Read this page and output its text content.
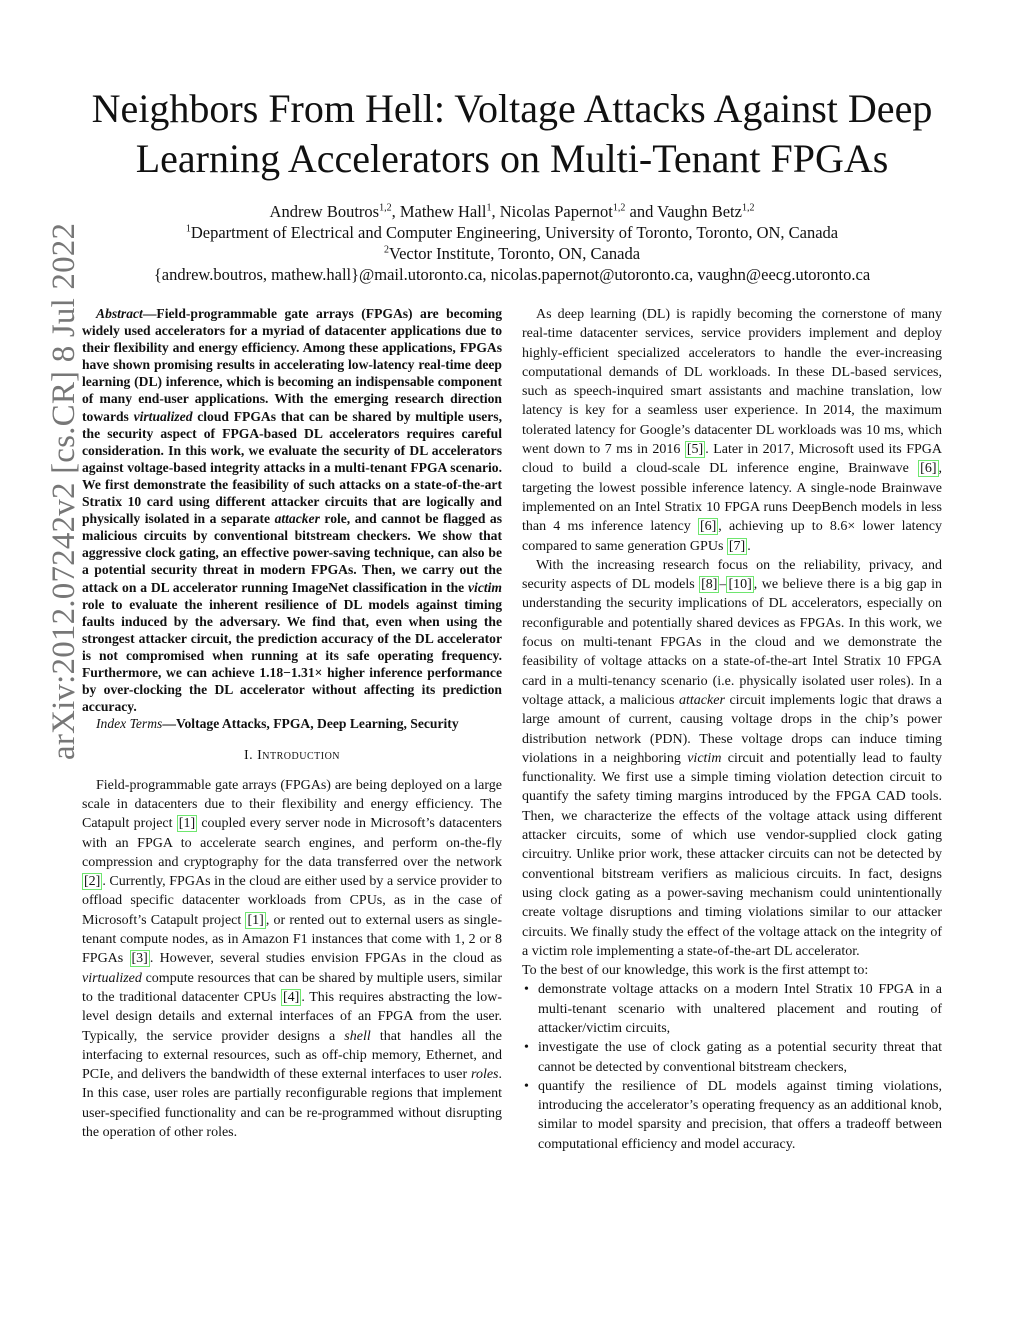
arXiv:2012.07242v2 [cs.CR] 8 Jul 2022
Neighbors From Hell: Voltage Attacks Against Deep
Learning Accelerators on Multi-Tenant FPGAs
Andrew Boutros$^{1,2}$, Mathew Hall$^1$, Nicolas Papernot$^{1,2}$ and Vaughn Betz$^{1,2}$
$^1$Department of Electrical and Computer Engineering, University of Toronto, Toronto, ON, Canada
$^2$Vector Institute, Toronto, ON, Canada
{andrew.boutros, mathew.hall}@mail.utoronto.ca, nicolas.papernot@utoronto.ca, vaughn@eecg.utoronto.ca

Abstract—Field-programmable gate arrays (FPGAs) are becoming widely used accelerators for a myriad of datacenter applications due to their flexibility and energy efficiency. Among these applications, FPGAs have shown promising results in accelerating low-latency real-time deep learning (DL) inference, which is becoming an indispensable component of many end-user applications. With the emerging research direction towards virtualized cloud FPGAs that can be shared by multiple users, the security aspect of FPGA-based DL accelerators requires careful consideration. In this work, we evaluate the security of DL accelerators against voltage-based integrity attacks in a multi-tenant FPGA scenario. We first demonstrate the feasibility of such attacks on a state-of-the-art Stratix 10 card using different attacker circuits that are logically and physically isolated in a separate attacker role, and cannot be flagged as malicious circuits by conventional bitstream checkers. We show that aggressive clock gating, an effective power-saving technique, can also be a potential security threat in modern FPGAs. Then, we carry out the attack on a DL accelerator running ImageNet classification in the victim role to evaluate the inherent resilience of DL models against timing faults induced by the adversary. We find that, even when using the strongest attacker circuit, the prediction accuracy of the DL accelerator is not compromised when running at its safe operating frequency. Furthermore, we can achieve 1.18−1.31× higher inference performance by over-clocking the DL accelerator without affecting its prediction accuracy.

Index Terms—Voltage Attacks, FPGA, Deep Learning, Security

I. Introduction

Field-programmable gate arrays (FPGAs) are being deployed on a large scale in datacenters due to their flexibility and energy efficiency. The Catapult project [1] coupled every server node in Microsoft’s datacenters with an FPGA to accelerate search engines, and perform on-the-fly compression and cryptography for the data transferred over the network [2] . Currently, FPGAs in the cloud are either used by a service provider to offload specific datacenter workloads from CPUs, as in the case of Microsoft’s Catapult project [1] , or rented out to external users as single-tenant compute nodes, as in Amazon F1 instances that come with 1, 2 or 8 FPGAs [3] . However, several studies envision FPGAs in the cloud as virtualized compute resources that can be shared by multiple users, similar to the traditional datacenter CPUs [4] . This requires abstracting the low-level design details and external interfaces of an FPGA from the user. Typically, the service provider designs a shell that handles all the interfacing to external resources, such as off-chip memory, Ethernet, and PCIe, and delivers the bandwidth of these external interfaces to user roles. In this case, user roles are partially reconfigurable regions that implement user-specified functionality and can be re-programmed without disrupting the operation of other roles.

As deep learning (DL) is rapidly becoming the cornerstone of many real-time datacenter services, service providers implement and deploy highly-efficient specialized accelerators to handle the ever-increasing computational demands of DL workloads. In these DL-based services, such as speech-inquired smart assistants and machine translation, low latency is key for a seamless user experience. In 2014, the maximum tolerated latency for Google’s datacenter DL workloads was 10 ms, which went down to 7 ms in 2016 [5] . Later in 2017, Microsoft used its FPGA cloud to build a cloud-scale DL inference engine, Brainwave [6] , targeting the lowest possible inference latency. A single-node Brainwave implemented on an Intel Stratix 10 FPGA runs DeepBench models in less than 4 ms inference latency [6] , achieving up to 8.6× lower latency compared to same generation GPUs [7] .

With the increasing research focus on the reliability, privacy, and security aspects of DL models [8] – [10] , we believe there is a big gap in understanding the security implications of DL accelerators, especially on reconfigurable and potentially shared devices as FPGAs. In this work, we focus on multi-tenant FPGAs in the cloud and we demonstrate the feasibility of voltage attacks on a state-of-the-art Intel Stratix 10 FPGA card in a multi-tenancy scenario (i.e. physically isolated user roles). In a voltage attack, a malicious attacker circuit implements logic that draws a large amount of current, causing voltage drops in the chip’s power distribution network (PDN). These voltage drops can induce timing violations in a neighboring victim circuit and potentially lead to faulty functionality. We first use a simple timing violation detection circuit to quantify the safety timing margins introduced by the FPGA CAD tools. Then, we characterize the effects of the voltage attack using different attacker circuits, some of which use vendor-supplied clock gating circuitry. Unlike prior work, these attacker circuits can not be detected by conventional bitstream verifiers as malicious circuits. In fact, designs using clock gating as a power-saving mechanism could unintentionally create voltage disruptions and timing violations similar to our attacker circuits. We finally study the effect of the voltage attack on the integrity of a victim role implementing a state-of-the-art DL accelerator.

To the best of our knowledge, this work is the first attempt to:

• demonstrate voltage attacks on a modern Intel Stratix 10 FPGA in a multi-tenant scenario with unaltered placement and routing of attacker/victim circuits,
• investigate the use of clock gating as a potential security threat that cannot be detected by conventional bitstream checkers,
• quantify the resilience of DL models against timing violations, introducing the accelerator’s operating frequency as an additional knob, similar to model sparsity and precision, that offers a tradeoff between computational efficiency and model accuracy.
